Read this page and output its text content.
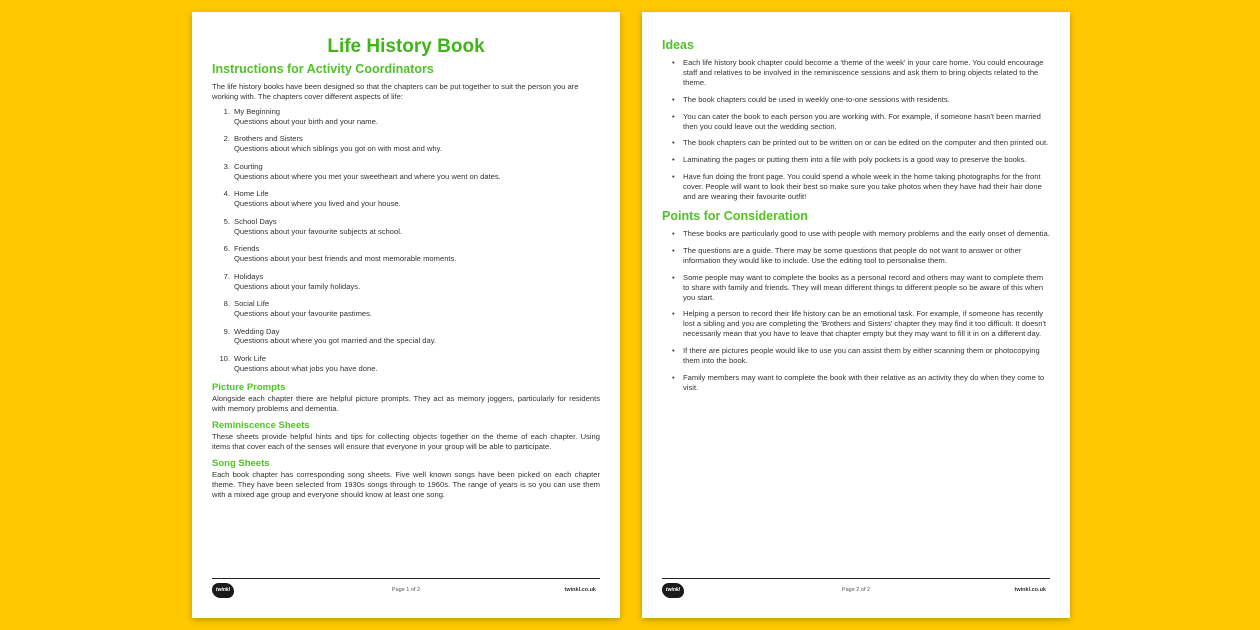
Life History Book
Instructions for Activity Coordinators
The life history books have been designed so that the chapters can be put together to suit the person you are working with. The chapters cover different aspects of life:
1. My Beginning
Questions about your birth and your name.
2. Brothers and Sisters
Questions about which siblings you got on with most and why.
3. Courting
Questions about where you met your sweetheart and where you went on dates.
4. Home Life
Questions about where you lived and your house.
5. School Days
Questions about your favourite subjects at school.
6. Friends
Questions about your best friends and most memorable moments.
7. Holidays
Questions about your family holidays.
8. Social Life
Questions about your favourite pastimes.
9. Wedding Day
Questions about where you got married and the special day.
10. Work Life
Questions about what jobs you have done.
Picture Prompts
Alongside each chapter there are helpful picture prompts. They act as memory joggers, particularly for residents with memory problems and dementia.
Reminiscence Sheets
These sheets provide helpful hints and tips for collecting objects together on the theme of each chapter. Using items that cover each of the senses will ensure that everyone in your group will be able to participate.
Song Sheets
Each book chapter has corresponding song sheets. Five well known songs have been picked on each chapter theme. They have been selected from 1930s songs through to 1960s. The range of years is so you can use them with a mixed age group and everyone should know at least one song.
twinkl	Page 1 of 2	twinkl.co.uk
Ideas
• Each life history book chapter could become a 'theme of the week' in your care home. You could encourage staff and relatives to be involved in the reminiscence sessions and ask them to bring objects related to the theme.
• The book chapters could be used in weekly one-to-one sessions with residents.
• You can cater the book to each person you are working with. For example, if someone hasn't been married then you could leave out the wedding section.
• The book chapters can be printed out to be written on or can be edited on the computer and then printed out.
• Laminating the pages or putting them into a file with poly pockets is a good way to preserve the books.
• Have fun doing the front page. You could spend a whole week in the home taking photographs for the front cover. People will want to look their best so make sure you take photos when they have had their hair done and are wearing their favourite outfit!
Points for Consideration
• These books are particularly good to use with people with memory problems and the early onset of dementia.
• The questions are a guide. There may be some questions that people do not want to answer or other information they would like to include. Use the editing tool to personalise them.
• Some people may want to complete the books as a personal record and others may want to complete them to share with family and friends. They will mean different things to different people so be aware of this when you start.
• Helping a person to record their life history can be an emotional task. For example, if someone has recently lost a sibling and you are completing the 'Brothers and Sisters' chapter they may find it too difficult. It doesn't necessarily mean that you have to leave that chapter empty but they may want to fill it in on a different day.
• If there are pictures people would like to use you can assist them by either scanning them or photocopying them into the book.
• Family members may want to complete the book with their relative as an activity they do when they come to visit.
twinkl	Page 2 of 2	twinkl.co.uk
